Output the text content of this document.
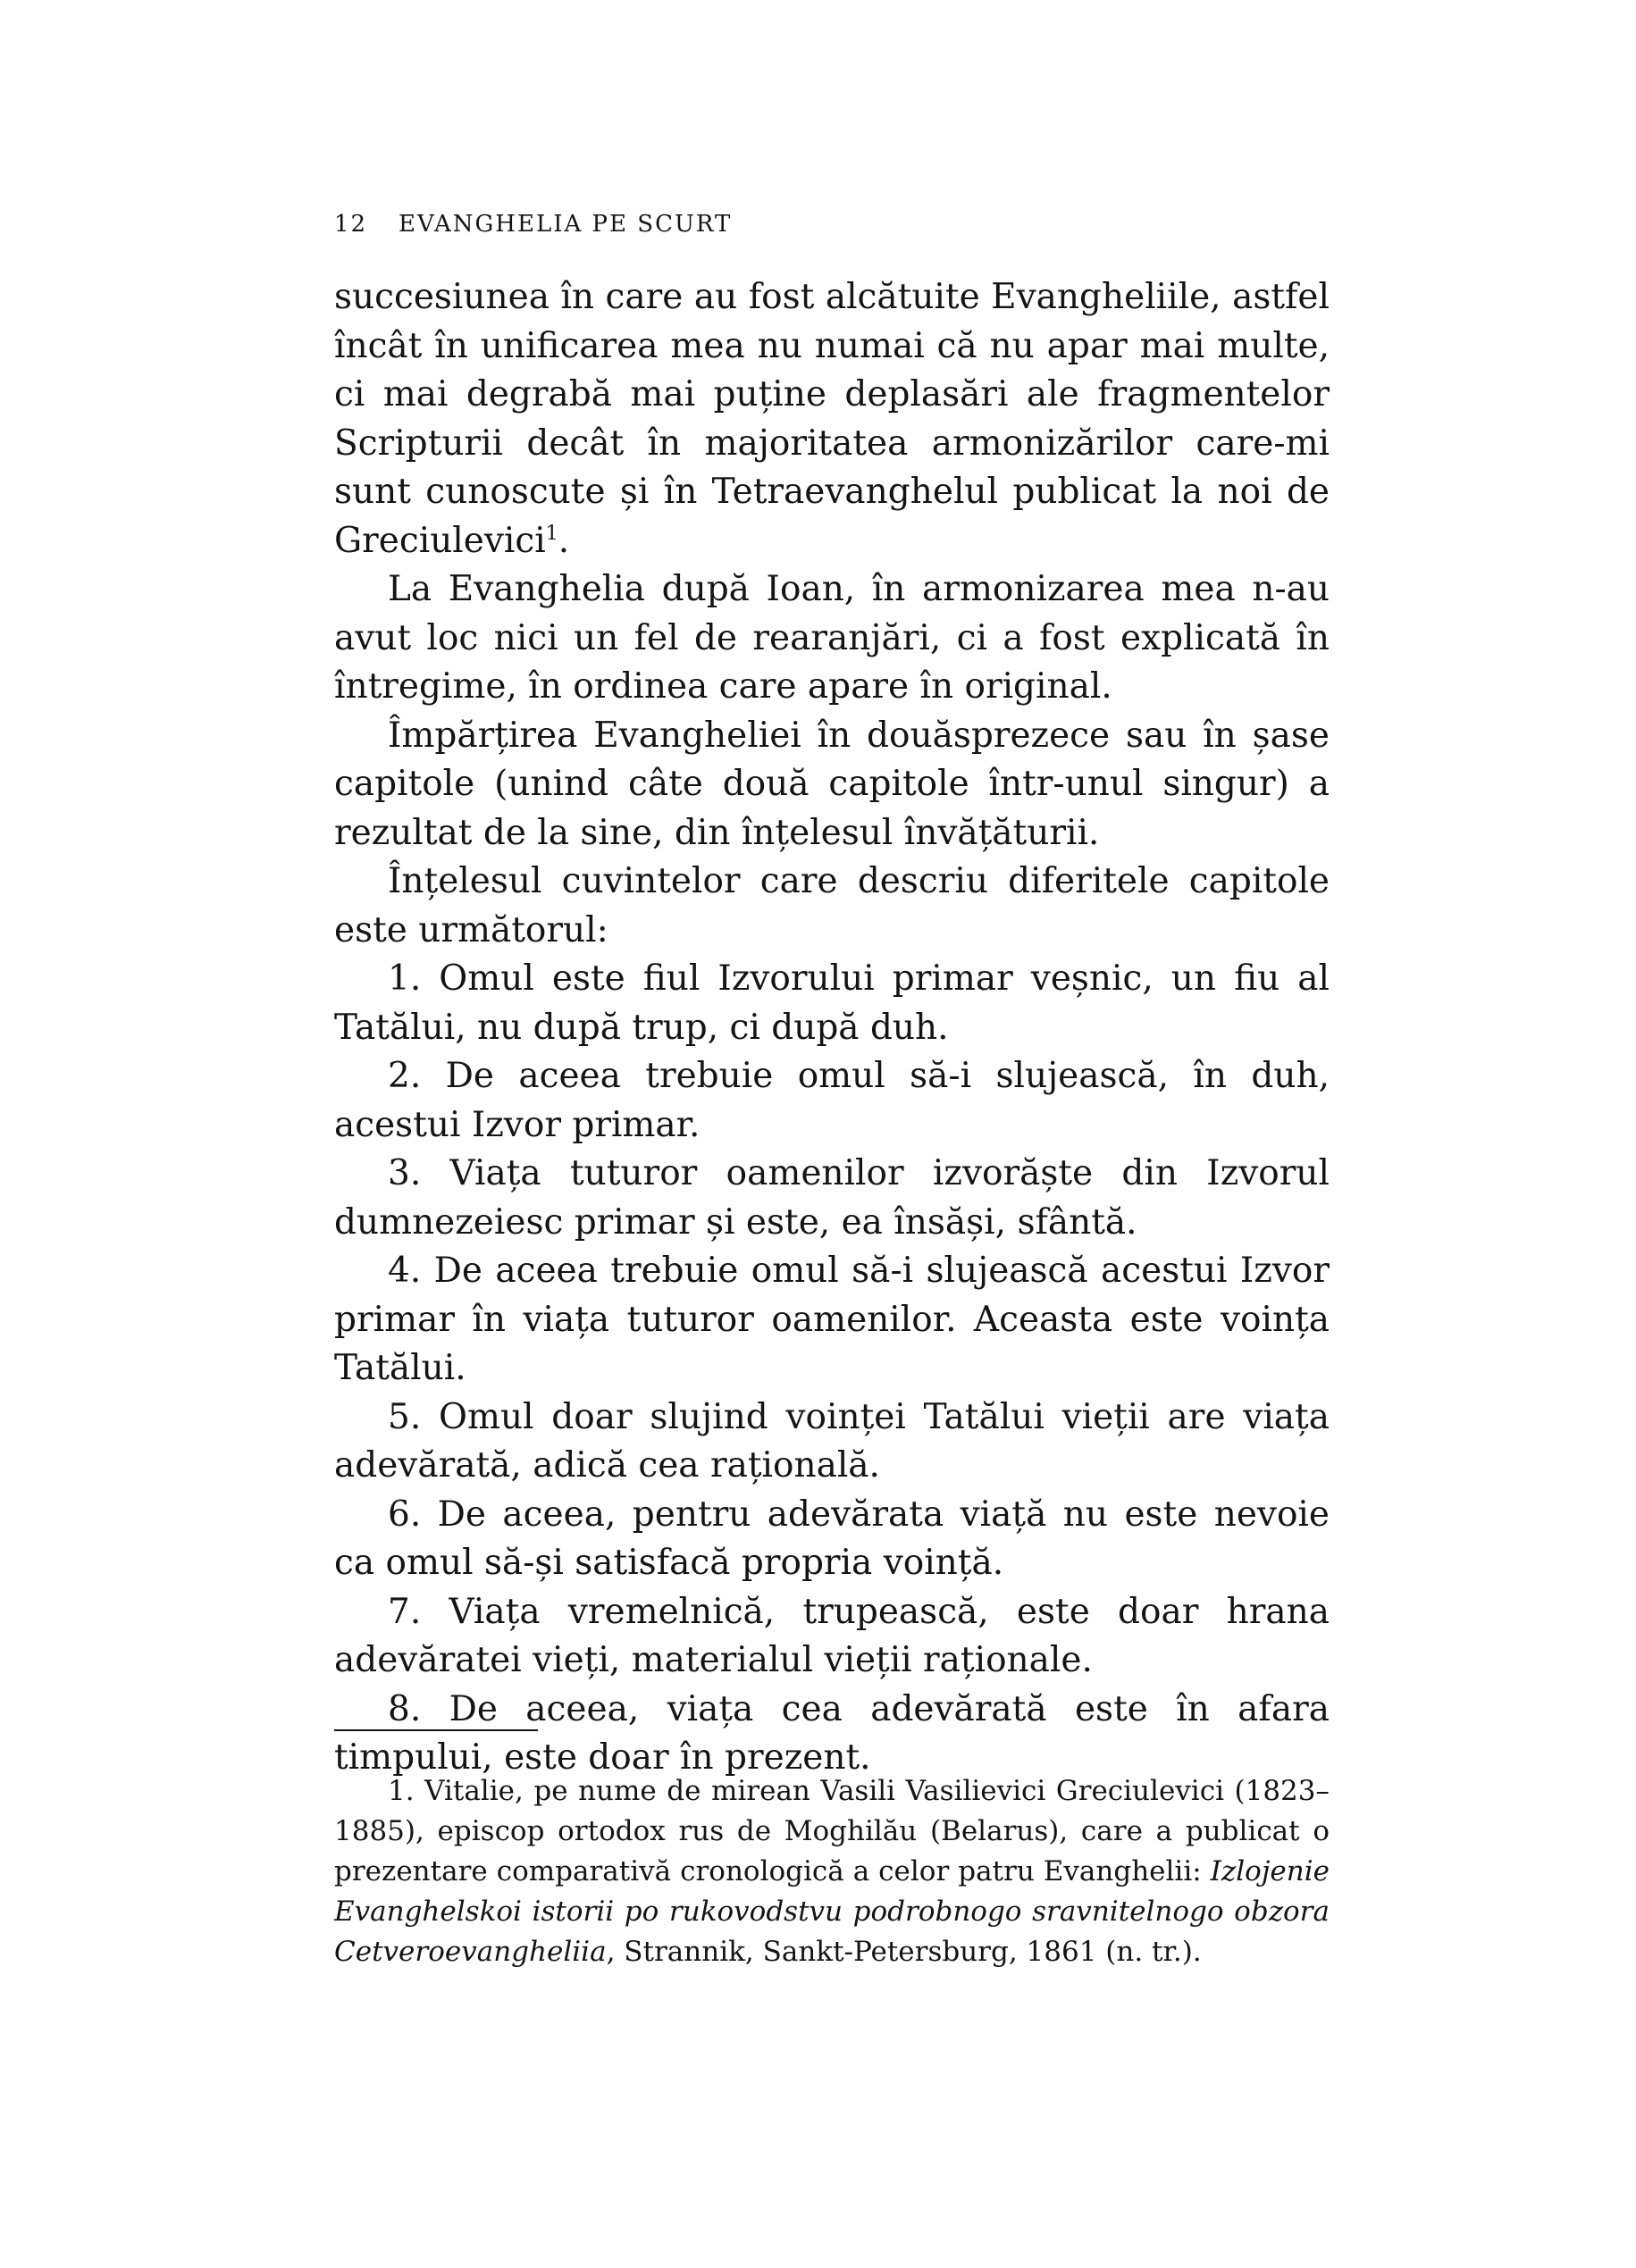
12 EVANGHELIA PE SCURT

succesiunea în care au fost alcătuite Evangheliile, astfel încât în unificarea mea nu numai că nu apar mai multe, ci mai degrabă mai puține deplasări ale fragmentelor Scripturii decât în majoritatea armonizărilor care-mi sunt cunoscute și în Tetraevanghelul publicat la noi de Greciulevici$^1$.

La Evanghelia după Ioan, în armonizarea mea n-au avut loc nici un fel de rearanjări, ci a fost explicată în întregime, în ordinea care apare în original.

Împărțirea Evangheliei în douăsprezece sau în șase capitole (unind câte două capitole într-unul singur) a rezultat de la sine, din înțelesul învățăturii.

Înțelesul cuvintelor care descriu diferitele capitole este următorul:

1. Omul este fiul Izvorului primar veșnic, un fiu al Tatălui, nu după trup, ci după duh.

2. De aceea trebuie omul să-i slujească, în duh, acestui Izvor primar.

3. Viața tuturor oamenilor izvorăște din Izvorul dumnezeiesc primar și este, ea însăși, sfântă.

4. De aceea trebuie omul să-i slujească acestui Izvor primar în viața tuturor oamenilor. Aceasta este voința Tatălui.

5. Omul doar slujind voinței Tatălui vieții are viața adevărată, adică cea rațională.

6. De aceea, pentru adevărata viață nu este nevoie ca omul să-și satisfacă propria voință.

7. Viața vremelnică, trupească, este doar hrana adevăratei vieți, materialul vieții raționale.

8. De aceea, viața cea adevărată este în afara timpului, este doar în prezent.

1. Vitalie, pe nume de mirean Vasili Vasilievici Greciulevici (1823–1885), episcop ortodox rus de Moghilău (Belarus), care a publicat o prezentare comparativă cronologică a celor patru Evanghelii: Izlojenie Evanghelskoi istorii po rukovodstvu podrobnogo sravnitelnogo obzora Cetveroevangheliia, Strannik, Sankt-Petersburg, 1861 (n. tr.).
